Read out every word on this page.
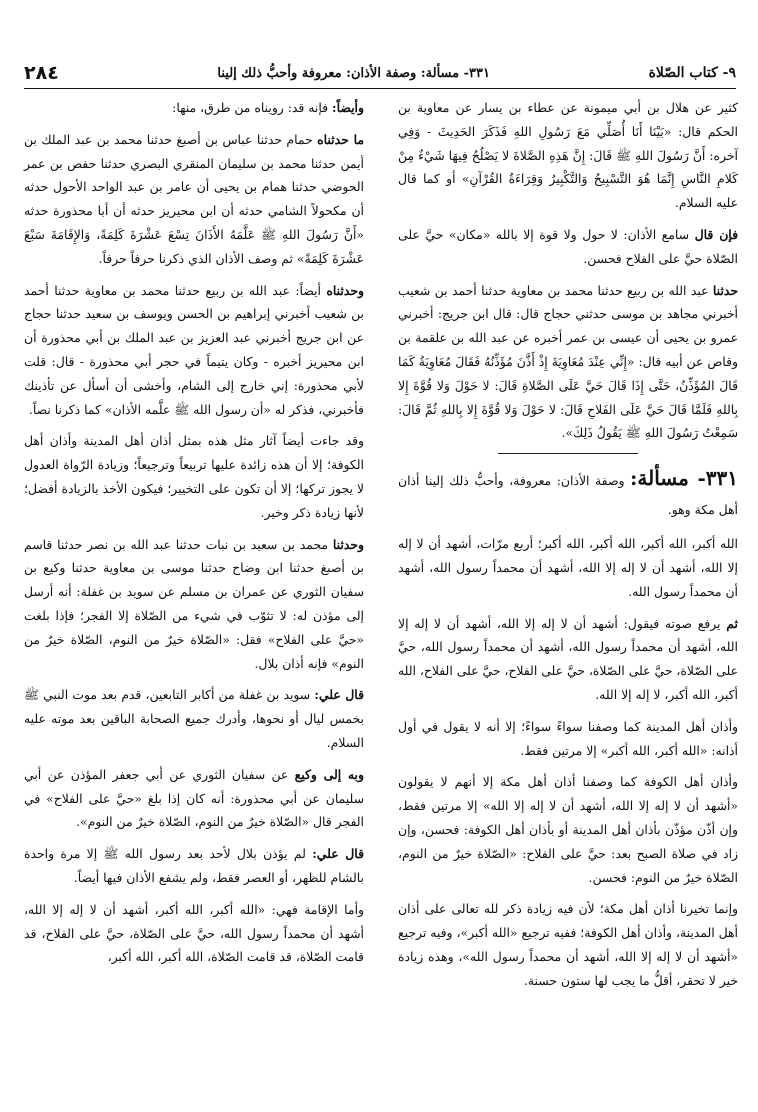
٩- كتاب الصّلاة
٣٣١- مسألة: وصفة الأذان: معروفة وأحبُّ ذلك إلينا
٢٨٤

كثير عن هلال بن أبي ميمونة عن عطاء بن يسار عن معاوية بن الحكم قال: «بَيْنَا أَنَا أُصَلِّي مَعَ رَسُولِ اللهِ فَذَكَرَ الحَدِيثَ - وَفِي آخره: أَنَّ رَسُولَ اللهِ ﷺ قَالَ: إِنَّ هَذِهِ الصَّلاةَ لا يَصْلُحُ فِيهَا شَيْءٌ مِنْ كَلامِ النَّاسِ إِنَّمَا هُوَ التَّسْبِيحُ وَالتَّكْبِيرُ وَقِرَاءَةُ القُرْآنِ» أو كما قال عليه السلام.

فإن قال سامع الأذان: لا حول ولا قوة إلا بالله «مكان» حيَّ على الصّلاة حيَّ على الفلاح فحسن.

حدثنا عبد الله بن ربيع حدثنا محمد بن معاوية حدثنا أحمد بن شعيب أخبرني مجاهد بن موسى حدثني حجاج قال: قال ابن جريج: أخبرني عمرو بن يحيى أن عيسى بن عمر أخبره عن عبد الله بن علقمة بن وقاص عن أبيه قال: «إِنِّي عِنْدَ مُعَاوِيَةَ إِذْ أَذَّنَ مُؤَذِّنُهُ فَقَالَ مُعَاوِيَةُ كَمَا قَالَ المُؤَذِّنُ، حَتَّى إِذَا قَالَ حَيَّ عَلَى الصَّلاةِ قَالَ: لا حَوْلَ وَلا قُوَّةَ إِلا بِاللهِ فَلَمَّا قَالَ حَيَّ عَلَى الفَلاحِ قَالَ: لا حَوْلَ وَلا قُوَّةَ إِلا بِاللهِ ثُمَّ قَالَ: سَمِعْتُ رَسُولَ اللهِ ﷺ يَقُولُ ذَلِكَ».

٣٣١- مسألة: وصفة الأذان: معروفة، وأحبُّ ذلك إلينا أذان أهل مكة وهو.

الله أكبر، الله أكبر، الله أكبر، الله أكبر؛ أربع مرّات، أشهد أن لا إله إلا الله، أشهد أن لا إله إلا الله، أشهد أن محمداً رسول الله، أشهد أن محمداً رسول الله.

ثم يرفع صوته فيقول: أشهد أن لا إله إلا الله، أشهد أن لا إله إلا الله، أشهد أن محمداً رسول الله، أشهد أن محمداً رسول الله، حيَّ على الصّلاة، حيَّ على الصّلاة، حيَّ على الفلاح، حيَّ على الفلاح، الله أكبر، الله أكبر، لا إله إلا الله.

وأذان أهل المدينة كما وصفنا سواءً سواءً؛ إلا أنه لا يقول في أول أذانه: «الله أكبر، الله أكبر» إلا مرتين فقط.

وأذان أهل الكوفة كما وصفنا أذان أهل مكة إلا أنهم لا يقولون «أشهد أن لا إله إلا الله، أشهد أن لا إله إلا الله» إلا مرتين فقط، وإن أذّن مؤذّن بأذان أهل المدينة أو بأذان أهل الكوفة: فحسن، وإن زاد في صلاة الصبح بعد: حيَّ على الفلاح: «الصّلاة خيرٌ من النوم، الصّلاة خيرٌ من النوم: فحسن.

وإنما تخيرنا أذان أهل مكة؛ لأن فيه زيادة ذكر لله تعالى على أذان أهل المدينة، وأذان أهل الكوفة؛ ففيه ترجيع «الله أكبر»، وفيه ترجيع «أشهد أن لا إله إلا الله، أشهد أن محمداً رسول الله»، وهذه زيادة خير لا تحقر، أقلُّ ما يجب لها ستون حسنة.

وأيضاً: فإنه قد: رويناه من طرق، منها:

ما حدثناه حمام حدثنا عباس بن أصبغ حدثنا محمد بن عبد الملك بن أيمن حدثنا محمد بن سليمان المنقري البصري حدثنا حفص بن عمر الحوضي حدثنا همام بن يحيى أن عامر بن عبد الواحد الأحول حدثه أن مكحولاً الشامي حدثه أن ابن محيريز حدثه أن أبا محذورة حدثه «أَنَّ رَسُولَ اللهِ ﷺ عَلَّمَهُ الأَذَانَ تِسْعَ عَشْرَةَ كَلِمَةً، وَالإِقَامَةَ سَبْعَ عَشْرَةَ كَلِمَةً» ثم وصف الأذان الذي ذكرنا حرفاً حرفاً.

وحدثناه أيضاً: عبد الله بن ربيع حدثنا محمد بن معاوية حدثنا أحمد بن شعيب أخبرني إبراهيم بن الحسن ويوسف بن سعيد حدثنا حجاج عن ابن جريج أخبرني عبد العزيز بن عبد الملك بن أبي محذورة أن ابن محيريز أخبره - وكان يتيماً في حجر أبي محذورة - قال: قلت لأبي محذورة: إني خارج إلى الشام، وأخشى أن أسأل عن تأذينك فأخبرني، فذكر له «أن رسول الله ﷺ علَّمه الأذان» كما ذكرنا نصاً.

وقد جاءت أيضاً آثار مثل هذه بمثل أذان أهل المدينة وأذان أهل الكوفة؛ إلا أن هذه زائدة عليها تربيعاً وترجيعاً؛ وزيادة الرّواة العدول لا يجوز تركها؛ إلا أن تكون على التخيير؛ فيكون الأخذ بالزيادة أفضل؛ لأنها زيادة ذكر وخير.

وحدثنا محمد بن سعيد بن نبات حدثنا عبد الله بن نصر حدثنا قاسم بن أصبغ حدثنا ابن وضاح حدثنا موسى بن معاوية حدثنا وكيع بن سفيان الثوري عن عمران بن مسلم عن سويد بن غفلة: أنه أرسل إلى مؤذن له: لا تثوّب في شيء من الصّلاة إلا الفجر؛ فإذا بلغت «حيَّ على الفلاح» فقل: «الصّلاة خيرٌ من النوم، الصّلاة خيرٌ من النوم» فإنه أذان بلال.

قال علي: سويد بن غفلة من أكابر التابعين، قدم بعد موت النبي ﷺ بخمس ليال أو نحوها، وأدرك جميع الصحابة الباقين بعد موته عليه السلام.

وبه إلى وكيع عن سفيان الثوري عن أبي جعفر المؤذن عن أبي سليمان عن أبي محذورة: أنه كان إذا بلغ «حيَّ على الفلاح» في الفجر قال «الصّلاة خيرٌ من النوم، الصّلاة خيرٌ من النوم».

قال علي: لم يؤذن بلال لأحد بعد رسول الله ﷺ إلا مرة واحدة بالشام للظهر، أو العصر فقط، ولم يشفع الأذان فيها أيضاً.

وأما الإقامة فهي: «الله أكبر، الله أكبر، أشهد أن لا إله إلا الله، أشهد أن محمداً رسول الله، حيَّ على الصّلاة، حيَّ على الفلاح، قد قامت الصّلاة، قد قامت الصّلاة، الله أكبر، الله أكبر،
